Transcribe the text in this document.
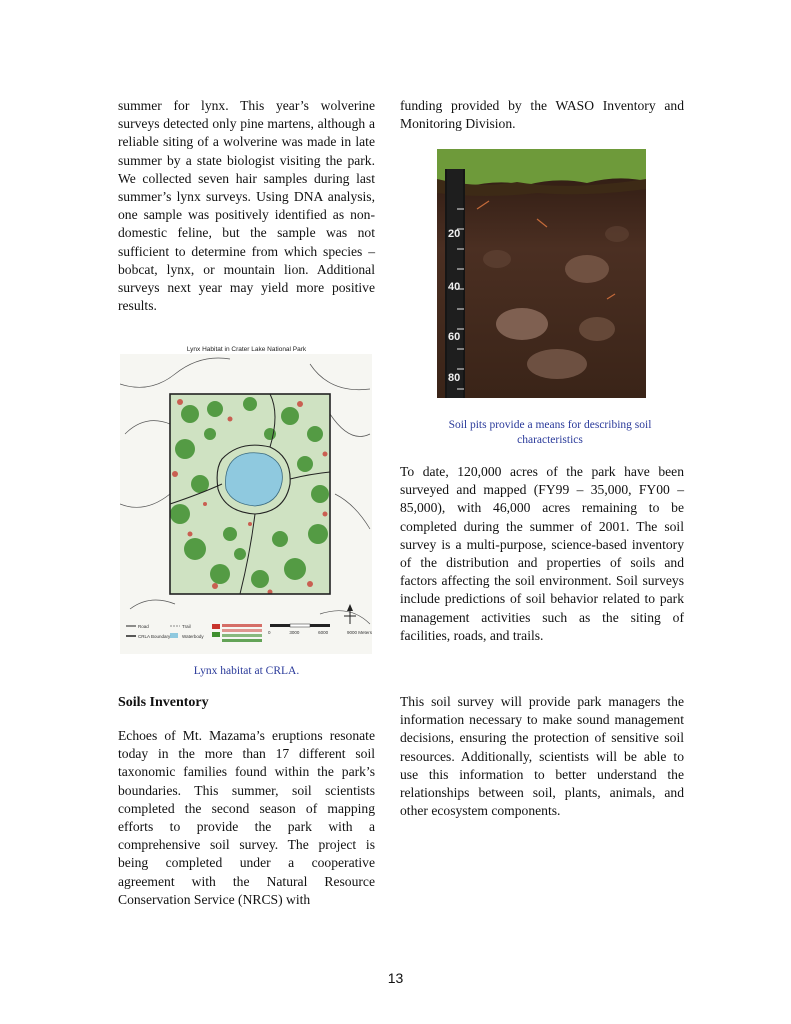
summer for lynx. This year’s wolverine surveys detected only pine martens, although a reliable siting of a wolverine was made in late summer by a state biologist visiting the park. We collected seven hair samples during last summer’s lynx surveys. Using DNA analysis, one sample was positively identified as non-domestic feline, but the sample was not sufficient to determine from which species – bobcat, lynx, or mountain lion. Additional surveys next year may yield more positive results.

Lynx Habitat in Crater Lake National Park
0	3000	6000	9000 Meters
Road
CRLA Boundary
Trail
Waterbody
Lynx habitat at CRLA.
Soils Inventory

Echoes of Mt. Mazama’s eruptions resonate today in the more than 17 different soil taxonomic families found within the park’s boundaries. This summer, soil scientists completed the second season of mapping efforts to provide the park with a comprehensive soil survey. The project is being completed under a cooperative agreement with the Natural Resource Conservation Service (NRCS) with

funding provided by the WASO Inventory and Monitoring Division.

20
40
60
80
Soil pits provide a means for describing soil characteristics

To date, 120,000 acres of the park have been surveyed and mapped (FY99 – 35,000, FY00 – 85,000), with 46,000 acres remaining to be completed during the summer of 2001. The soil survey is a multi-purpose, science-based inventory of the distribution and properties of soils and factors affecting the soil environment. Soil surveys include predictions of soil behavior related to park management activities such as the siting of facilities, roads, and trails.

This soil survey will provide park managers the information necessary to make sound management decisions, ensuring the protection of sensitive soil resources. Additionally, scientists will be able to use this information to better understand the relationships between soil, plants, animals, and other ecosystem components.

13
